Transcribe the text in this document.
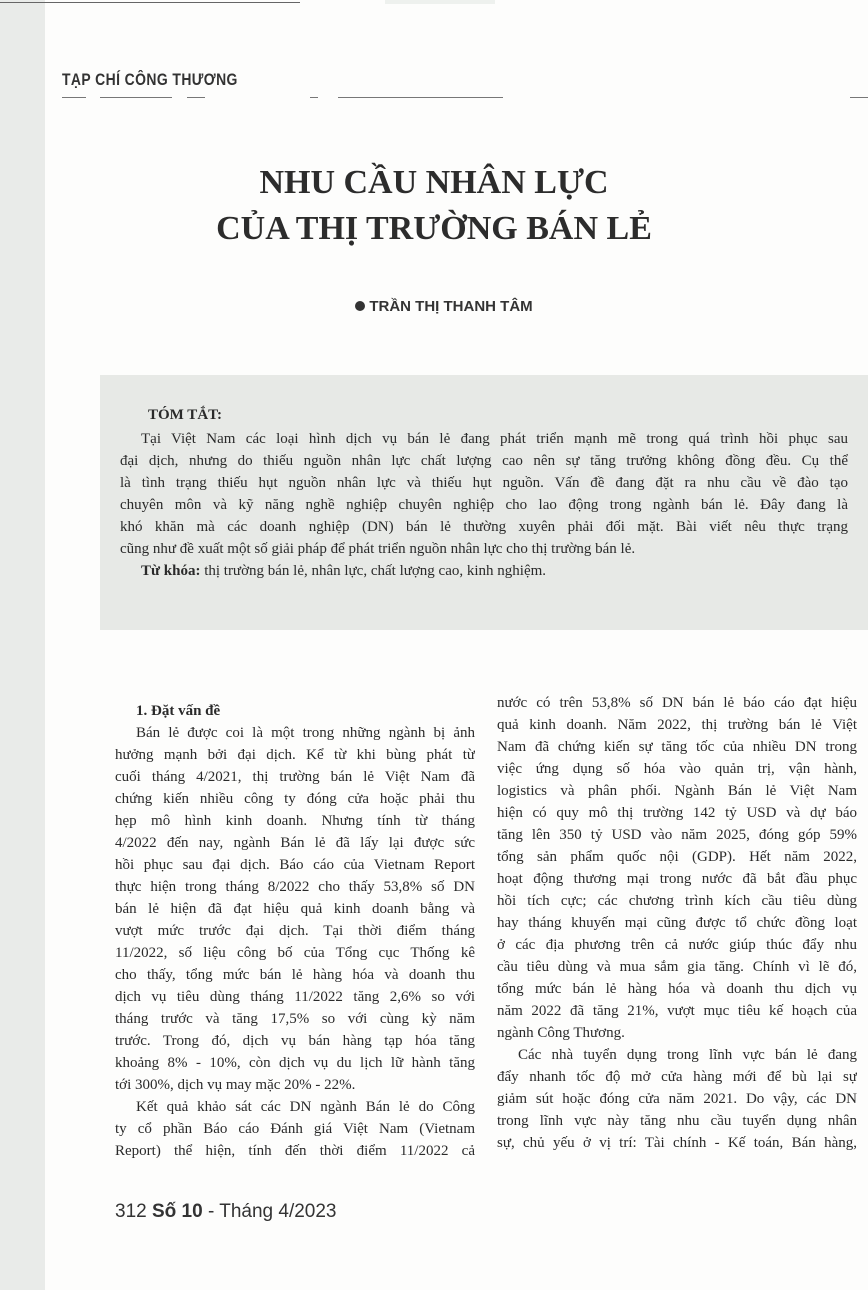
TẠP CHÍ CÔNG THƯƠNG
NHU CẦU NHÂN LỰC
CỦA THỊ TRƯỜNG BÁN LẺ
TRẦN THỊ THANH TÂM
TÓM TẮT:
Tại Việt Nam các loại hình dịch vụ bán lẻ đang phát triển mạnh mẽ trong quá trình hồi phục sau
đại dịch, nhưng do thiếu nguồn nhân lực chất lượng cao nên sự tăng trưởng không đồng đều. Cụ thể
là tình trạng thiếu hụt nguồn nhân lực và thiếu hụt nguồn. Vấn đề đang đặt ra nhu cầu về đào tạo
chuyên môn và kỹ năng nghề nghiệp chuyên nghiệp cho lao động trong ngành bán lẻ. Đây đang là
khó khăn mà các doanh nghiệp (DN) bán lẻ thường xuyên phải đối mặt. Bài viết nêu thực trạng
cũng như đề xuất một số giải pháp để phát triển nguồn nhân lực cho thị trường bán lẻ.
Từ khóa: thị trường bán lẻ, nhân lực, chất lượng cao, kinh nghiệm.
1. Đặt vấn đề
Bán lẻ được coi là một trong những ngành bị ảnh
hưởng mạnh bởi đại dịch. Kể từ khi bùng phát từ
cuối tháng 4/2021, thị trường bán lẻ Việt Nam đã
chứng kiến nhiều công ty đóng cửa hoặc phải thu
hẹp mô hình kinh doanh. Nhưng tính từ tháng
4/2022 đến nay, ngành Bán lẻ đã lấy lại được sức
hồi phục sau đại dịch. Báo cáo của Vietnam Report
thực hiện trong tháng 8/2022 cho thấy 53,8% số DN
bán lẻ hiện đã đạt hiệu quả kinh doanh bằng và
vượt mức trước đại dịch. Tại thời điểm tháng
11/2022, số liệu công bố của Tổng cục Thống kê
cho thấy, tổng mức bán lẻ hàng hóa và doanh thu
dịch vụ tiêu dùng tháng 11/2022 tăng 2,6% so với
tháng trước và tăng 17,5% so với cùng kỳ năm
trước. Trong đó, dịch vụ bán hàng tạp hóa tăng
khoảng 8% - 10%, còn dịch vụ du lịch lữ hành tăng
tới 300%, dịch vụ may mặc 20% - 22%.
Kết quả khảo sát các DN ngành Bán lẻ do Công
ty cổ phần Báo cáo Đánh giá Việt Nam (Vietnam
Report) thể hiện, tính đến thời điểm 11/2022 cả
nước có trên 53,8% số DN bán lẻ báo cáo đạt hiệu
quả kinh doanh. Năm 2022, thị trường bán lẻ Việt
Nam đã chứng kiến sự tăng tốc của nhiều DN trong
việc ứng dụng số hóa vào quản trị, vận hành,
logistics và phân phối. Ngành Bán lẻ Việt Nam
hiện có quy mô thị trường 142 tỷ USD và dự báo
tăng lên 350 tỷ USD vào năm 2025, đóng góp 59%
tổng sản phẩm quốc nội (GDP). Hết năm 2022,
hoạt động thương mại trong nước đã bắt đầu phục
hồi tích cực; các chương trình kích cầu tiêu dùng
hay tháng khuyến mại cũng được tổ chức đồng loạt
ở các địa phương trên cả nước giúp thúc đẩy nhu
cầu tiêu dùng và mua sắm gia tăng. Chính vì lẽ đó,
tổng mức bán lẻ hàng hóa và doanh thu dịch vụ
năm 2022 đã tăng 21%, vượt mục tiêu kế hoạch của
ngành Công Thương.
Các nhà tuyển dụng trong lĩnh vực bán lẻ đang
đẩy nhanh tốc độ mở cửa hàng mới để bù lại sự
giảm sút hoặc đóng cửa năm 2021. Do vậy, các DN
trong lĩnh vực này tăng nhu cầu tuyển dụng nhân
sự, chủ yếu ở vị trí: Tài chính - Kế toán, Bán hàng,
312 Số 10 - Tháng 4/2023
